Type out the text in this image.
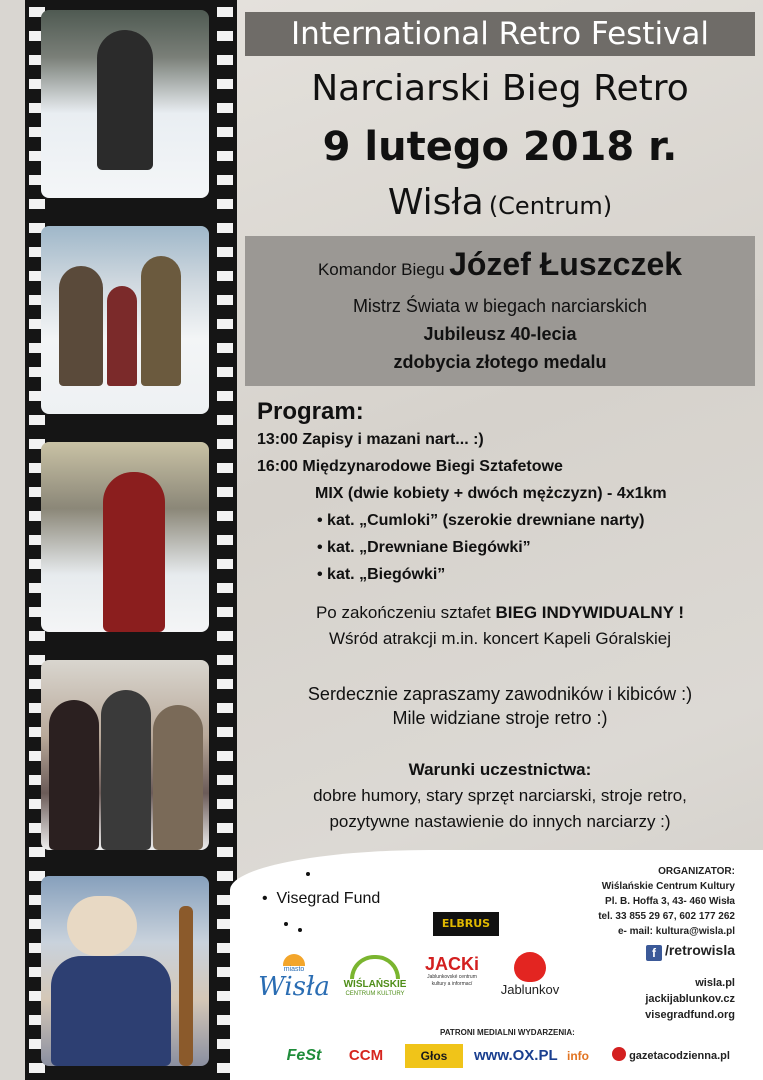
International Retro Festival
Narciarski Bieg Retro
9 lutego 2018 r.
Wisła (Centrum)
Komandor Biegu Józef Łuszczek
Mistrz Świata w biegach narciarskich
Jubileusz 40-lecia
zdobycia złotego medalu
Program:
13:00 Zapisy i mazani nart... :)
16:00 Międzynarodowe Biegi Sztafetowe
MIX (dwie kobiety + dwóch mężczyzn) - 4x1km
• kat. „Cumloki” (szerokie drewniane narty)
• kat. „Drewniane Biegówki”
• kat. „Biegówki”
Po zakończeniu sztafet BIEG INDYWIDUALNY !
Wśród atrakcji m.in. koncert Kapeli Góralskiej
Serdecznie zapraszamy zawodników i kibiców :)
Mile widziane stroje retro :)
Warunki uczestnictwa:
dobre humory, stary sprzęt narciarski, stroje retro,
pozytywne nastawienie do innych narciarzy :)
•  Visegrad Fund
ELBRUS
ORGANIZATOR:
Wiślańskie Centrum Kultury
Pl. B. Hoffa 3, 43- 460 Wisła
tel. 33 855 29 67, 602 177 262
e- mail: kultura@wisla.pl
f /retrowisla
wisla.pl
jackijablunkov.cz
visegradfund.org
miasto
Wisła	WIŚLAŃSKIE
CENTRUM KULTURY
JACKi
Jablunkovské centrum kultury a informací	Jablunkov
PATRONI MEDIALNI WYDARZENIA:
FeSt	CCM	Głos	www.OX.PL info	gazetacodzienna.pl
